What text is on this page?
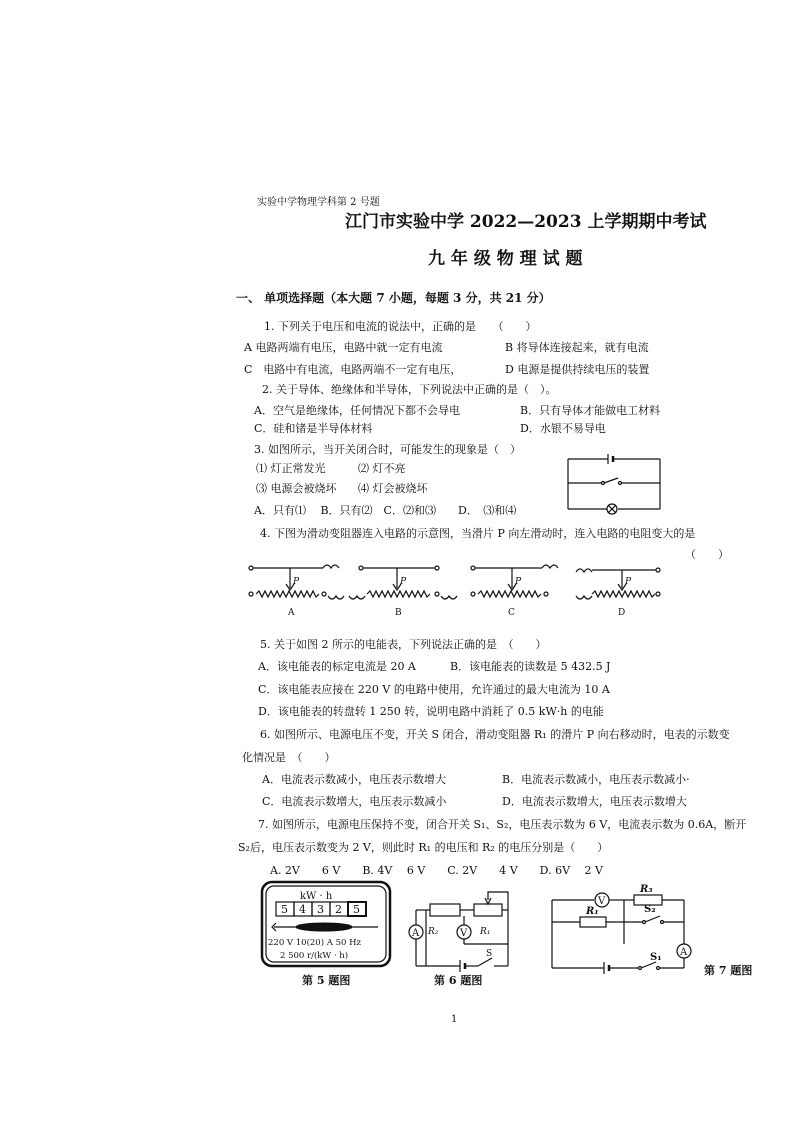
实验中学物理学科第 2 号题
江门市实验中学 2022—2023 上学期期中考试
九 年 级 物 理 试 题
一、 单项选择题（本大题 7 小题，每题 3 分，共 21 分）
1. 下列关于电压和电流的说法中，正确的是　　（　　）
A 电路两端有电压，电路中就一定有电流	B 将导体连接起来，就有电流
C　电路中有电流，电路两端不一定有电压，	D 电源是提供持续电压的装置
2. 关于导体、绝缘体和半导体，下列说法中正确的是（　）。
A．空气是绝缘体，任何情况下都不会导电	B．只有导体才能做电工材料
C．硅和锗是半导体材料	D．水银不易导电
3. 如图所示，当开关闭合时，可能发生的现象是（　）
⑴ 灯正常发光	⑵ 灯不亮
⑶ 电源会被烧坏 ⑷ 灯会被烧坏
A．只有⑴　 B．只有⑵　C．⑵和⑶　　D．　⑶和⑷
4. 下图为滑动变阻器连入电路的示意图，当滑片 P 向左滑动时，连入电路的电阻变大的是
（　　）
P
A
P
B
P
C
P
D
5. 关于如图 2 所示的电能表，下列说法正确的是　（　　）
A．该电能表的标定电流是 20 A	B．该电能表的读数是 5 432.5 J
C．该电能表应接在 220 V 的电路中使用，允许通过的最大电流为 10 A
D．该电能表的转盘转 1 250 转，说明电路中消耗了 0.5 kW·h 的电能
6. 如图所示、电源电压不变，开关 S 闭合，滑动变阻器 R₁ 的滑片 P 向右移动时，电表的示数变
化情况是　（　　）
A．电流表示数减小，电压表示数增大	B．电流表示数减小，电压表示数减小·
C．电流表示数增大，电压表示数减小	D．电流表示数增大，电压表示数增大
7. 如图所示，电源电压保持不变，闭合开关 S₁、S₂，电压表示数为 6 V，电流表示数为 0.6A，断开
S₂后，电压表示数变为 2 V，则此时 R₁ 的电压和 R₂ 的电压分别是（　　）
A. 2V　　6 V　　B. 4V　 6 V　　C. 2V　　4 V　　D. 6V　 2 V
kW · h
5 4 3 2 5
220 V 10(20) A 50 Hz
2 500 r/(kW · h)
第 5 题图
A R₂ V R₁
S
第 6 题图
V
R₃
A
R₁	S₂
S₁
第 7 题图
1
